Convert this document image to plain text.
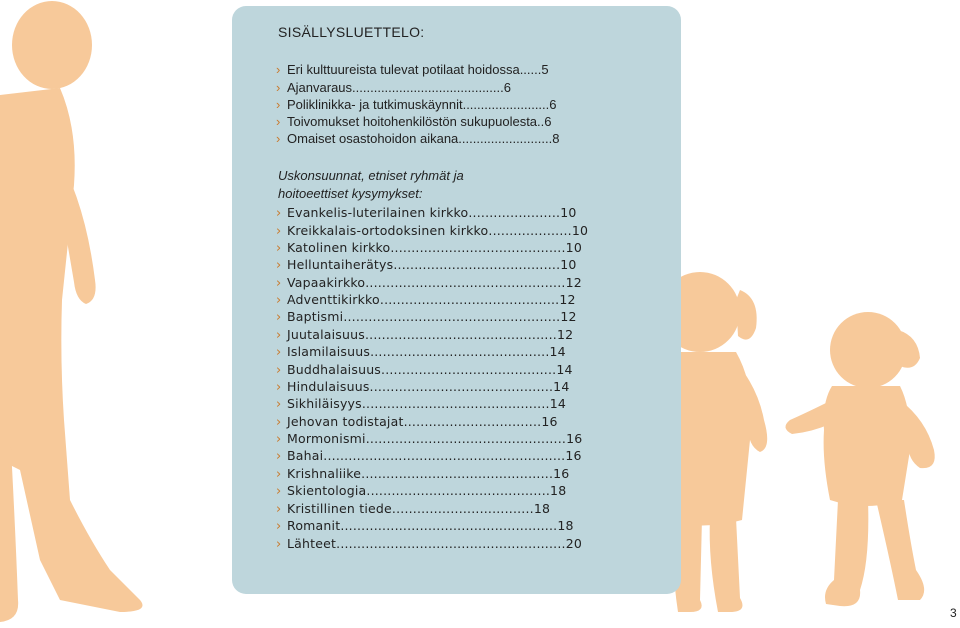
SISÄLLYSLUETTELO:
› Eri kulttuureista tulevat potilaat hoidossa ...... 5
› Ajanvaraus .......................................... 6
› Poliklinikka- ja tutkimuskäynnit ........................ 6
› Toivomukset hoitohenkilöstön sukupuolesta .. 6
› Omaiset osastohoidon aikana .......................... 8
Uskonsuunnat, etniset ryhmät ja
hoitoeettiset kysymykset:
› Evankelis-luterilainen kirkko ...................... 10
› Kreikkalais-ortodoksinen kirkko .................... 10
› Katolinen kirkko .......................................... 10
› Helluntaiherätys ........................................ 10
› Vapaakirkko ................................................ 12
› Adventtikirkko ........................................... 12
› Baptismi .................................................... 12
› Juutalaisuus .............................................. 12
› Islamilaisuus ........................................... 14
› Buddhalaisuus .......................................... 14
› Hindulaisuus ............................................ 14
› Sikhiläisyys ............................................. 14
› Jehovan todistajat ................................. 16
› Mormonismi ................................................ 16
› Bahai .......................................................... 16
› Krishnaliike .............................................. 16
› Skientologia ............................................ 18
› Kristillinen tiede .................................. 18
› Romanit .................................................... 18
› Lähteet ....................................................... 20
3
